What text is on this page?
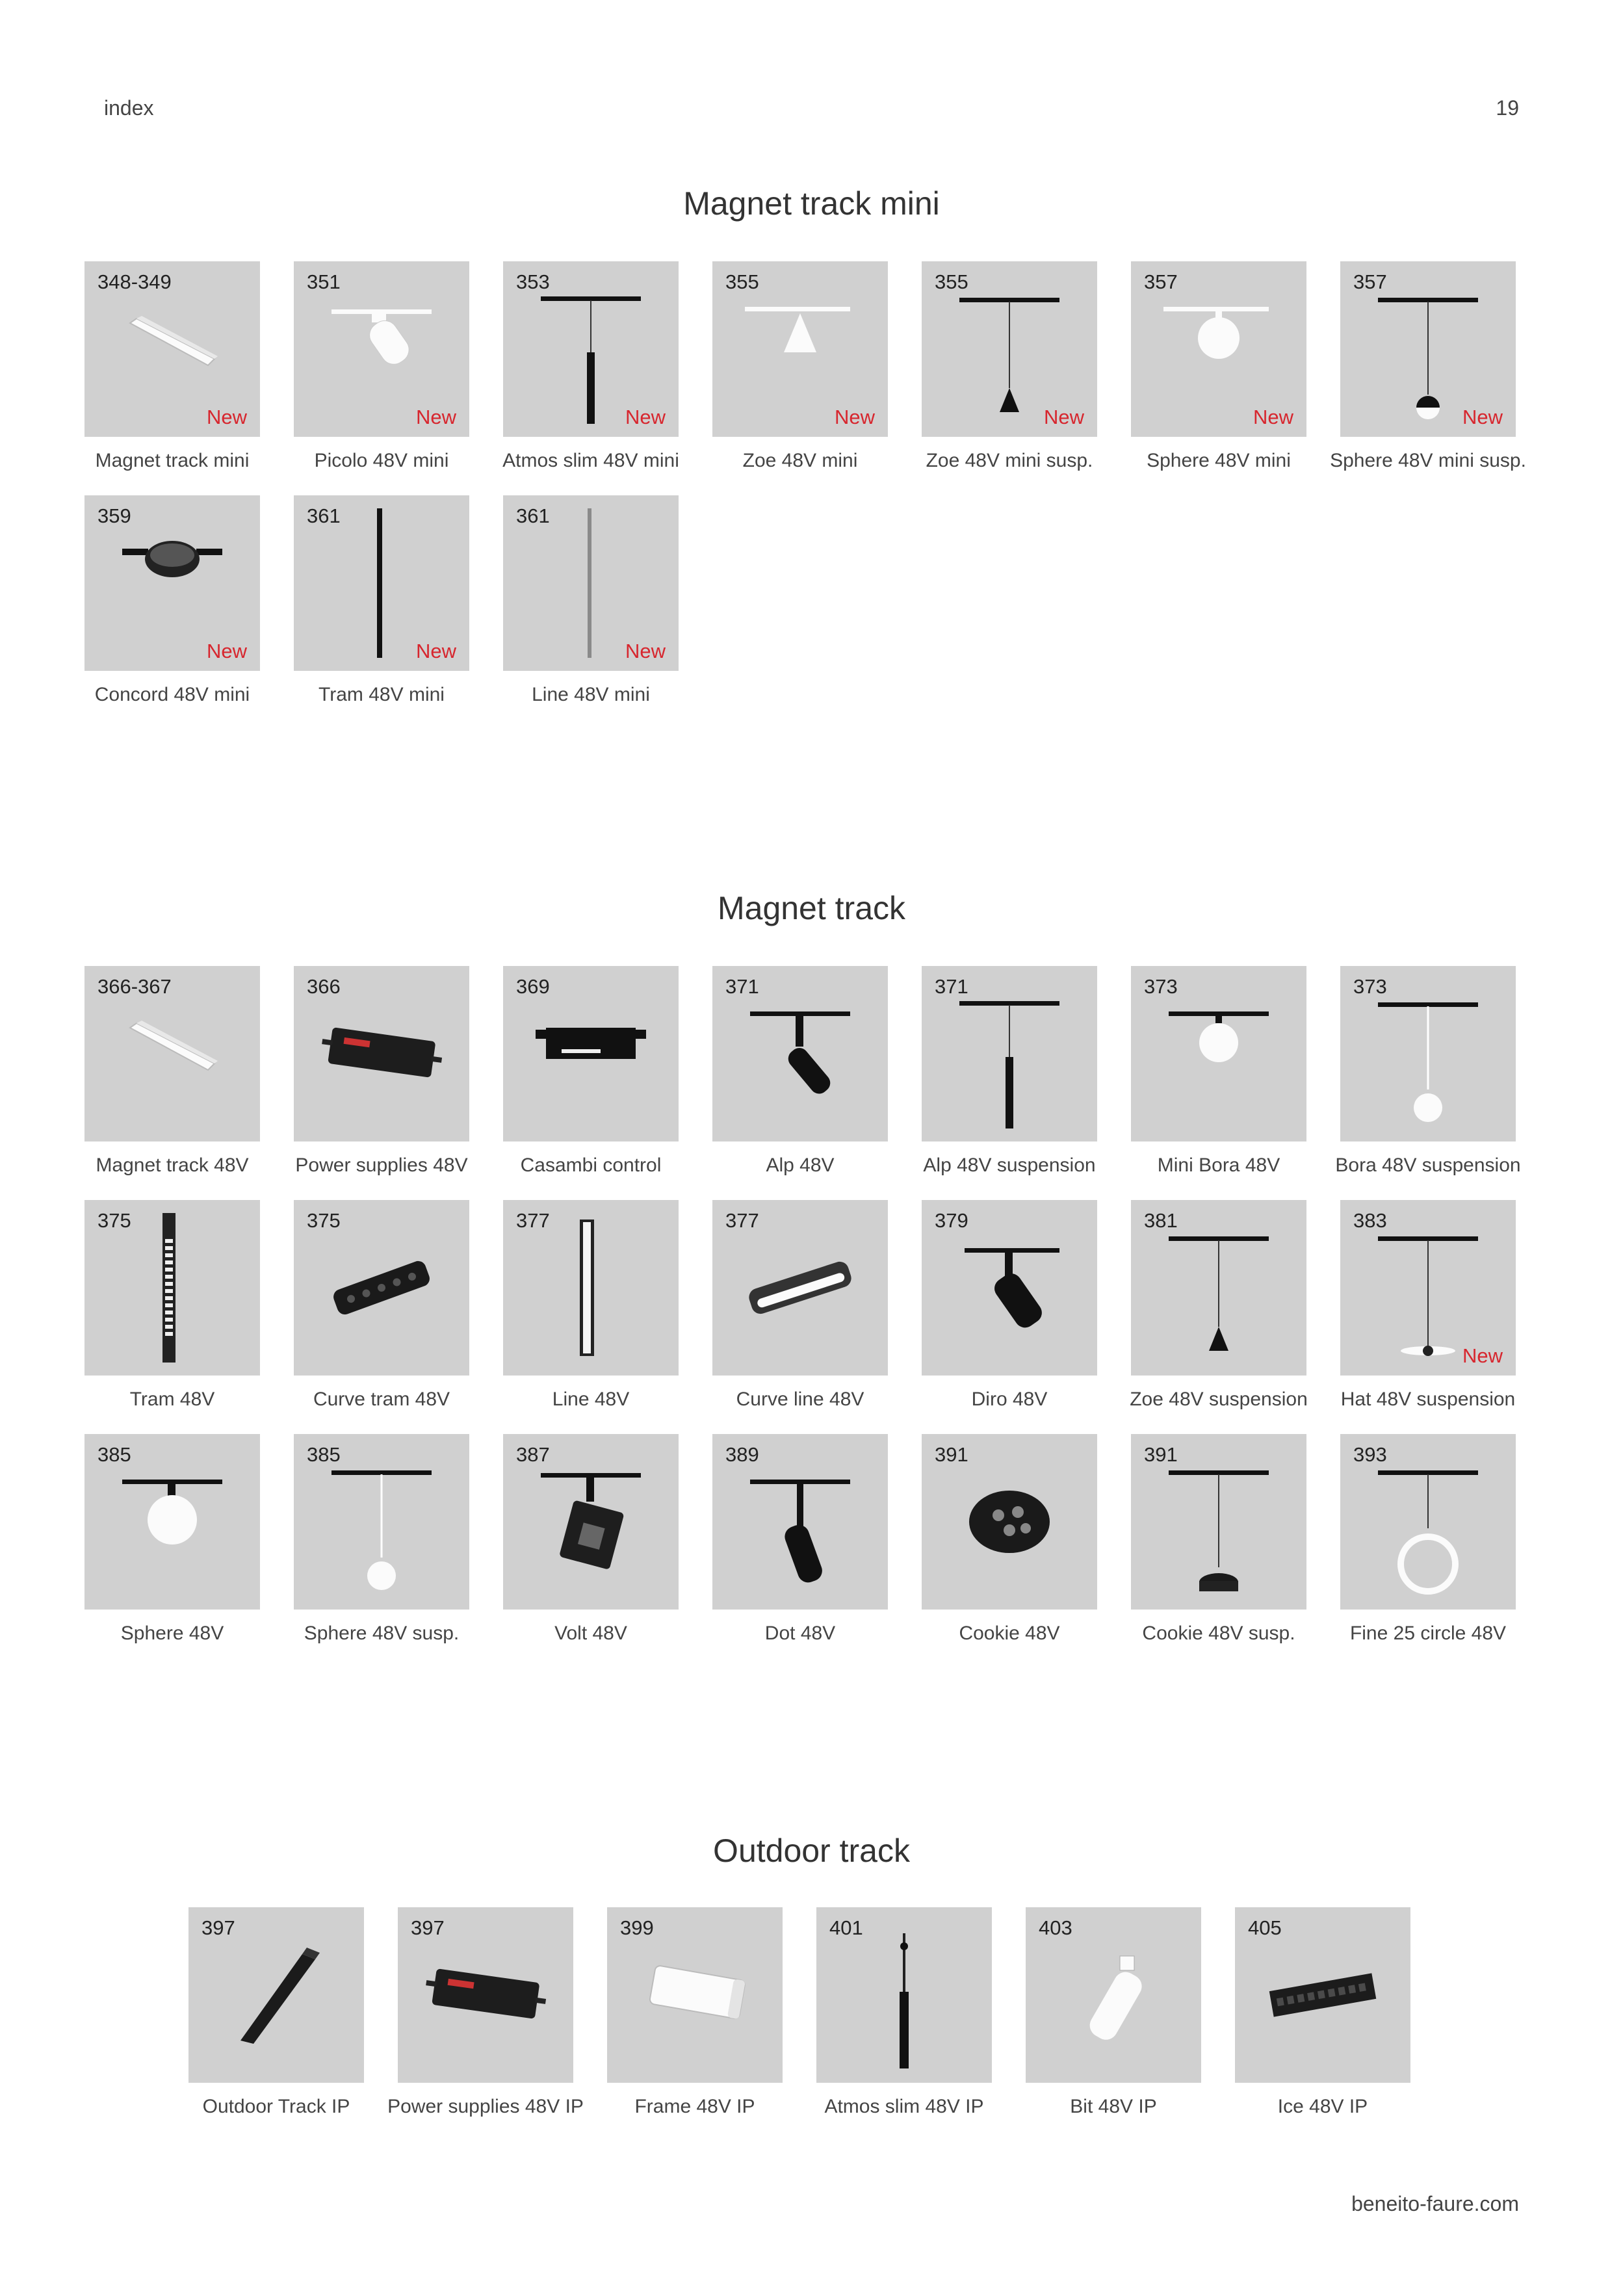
index	19
Magnet track mini
348-349
New
Magnet track mini
351
New
Picolo 48V mini
353
New
Atmos slim 48V mini
355
New
Zoe 48V mini
355
New
Zoe 48V mini susp.
357
New
Sphere 48V mini
357
New
Sphere 48V mini susp.
359
New
Concord 48V mini
361
New
Tram 48V mini
361
New
Line 48V mini
Magnet track
366-367
Magnet track 48V
366
Power supplies 48V
369
Casambi control
371
Alp 48V
371
Alp 48V suspension
373
Mini Bora 48V
373
Bora 48V suspension
375
Tram 48V
375
Curve tram 48V
377
Line 48V
377
Curve line 48V
379
Diro 48V
381
Zoe 48V suspension
383
New
Hat 48V suspension
385
Sphere 48V
385
Sphere 48V susp.
387
Volt 48V
389
Dot 48V
391
Cookie 48V
391
Cookie 48V susp.
393
Fine 25 circle 48V
Outdoor track
397
Outdoor Track IP
397
Power supplies 48V IP
399
Frame 48V IP
401
Atmos slim 48V IP
403
Bit 48V IP
405
Ice 48V IP
beneito-faure.com
